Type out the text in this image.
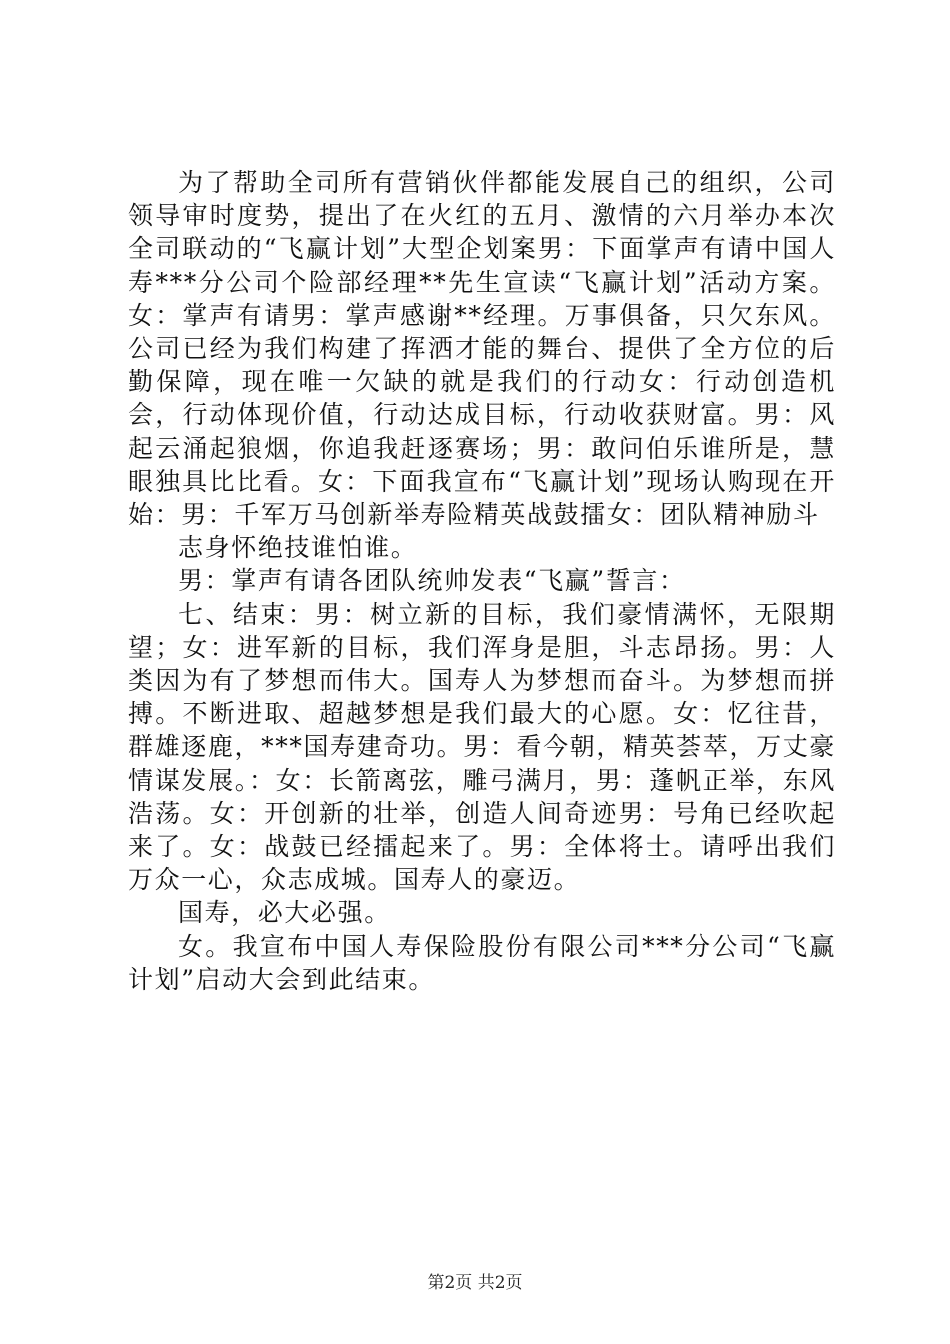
为了帮助全司所有营销伙伴都能发展自己的组织，公司领导审时度势，提出了在火红的五月、激情的六月举办本次全司联动的“飞赢计划”大型企划案男：下面掌声有请中国人寿***分公司个险部经理**先生宣读“飞赢计划”活动方案。女：掌声有请男：掌声感谢**经理。万事俱备，只欠东风。公司已经为我们构建了挥洒才能的舞台、提供了全方位的后勤保障，现在唯一欠缺的就是我们的行动女：行动创造机会，行动体现价值，行动达成目标，行动收获财富。男：风起云涌起狼烟，你追我赶逐赛场；男：敢问伯乐谁所是，慧眼独具比比看。女：下面我宣布“飞赢计划”现场认购现在开始：男：千军万马创新举寿险精英战鼓擂女：团队精神励斗

志身怀绝技谁怕谁。

男：掌声有请各团队统帅发表“飞赢”誓言：

七、结束：男：树立新的目标，我们豪情满怀，无限期望；女：进军新的目标，我们浑身是胆，斗志昂扬。男：人类因为有了梦想而伟大。国寿人为梦想而奋斗。为梦想而拼搏。不断进取、超越梦想是我们最大的心愿。女：忆往昔，群雄逐鹿，***国寿建奇功。男：看今朝，精英荟萃，万丈豪情谋发展。：女：长箭离弦，雕弓满月，男：蓬帆正举，东风浩荡。女：开创新的壮举，创造人间奇迹男：号角已经吹起来了。女：战鼓已经擂起来了。男：全体将士。请呼出我们万众一心，众志成城。国寿人的豪迈。

国寿，必大必强。

女。我宣布中国人寿保险股份有限公司***分公司“飞赢计划”启动大会到此结束。

第2页 共2页
